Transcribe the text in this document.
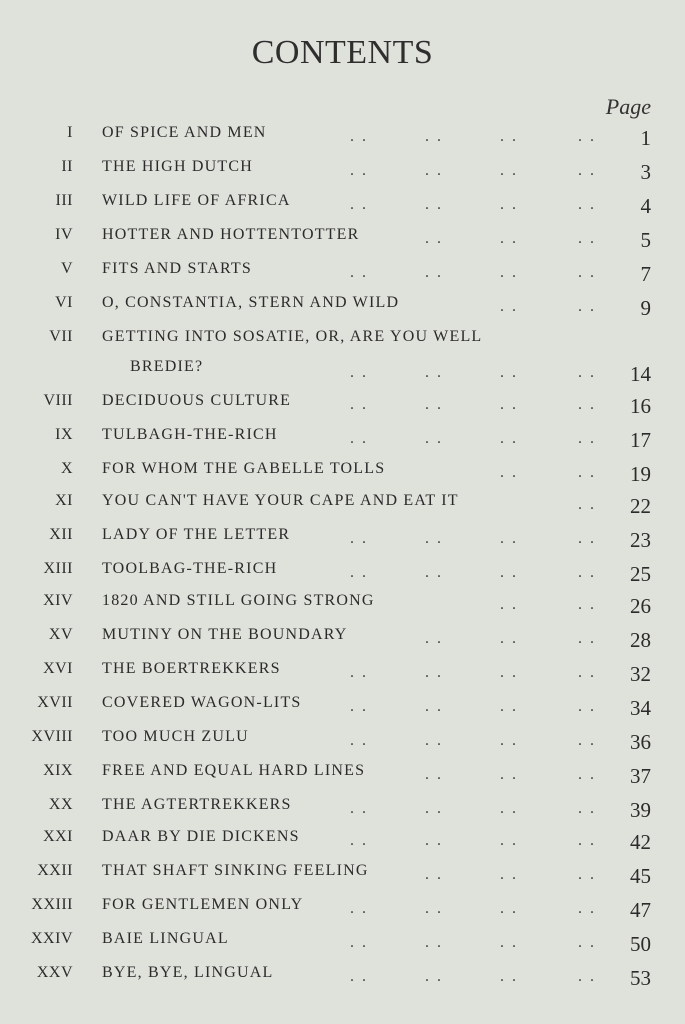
CONTENTS
Page
I OF SPICE AND MEN	. .	. .	. .	. . 1
II THE HIGH DUTCH	. .	. .	. .	. . 3
III WILD LIFE OF AFRICA	. .	. .	. .	. . 4
IV HOTTER AND HOTTENTOTTER	. .	. .	. . 5
V FITS AND STARTS	. .	. .	. .	. . 7
VI O, CONSTANTIA, STERN AND WILD	. .	. . 9
VII GETTING INTO SOSATIE, OR, ARE YOU WELL
BREDIE?	. .	. .	. .	. . 14
VIII DECIDUOUS CULTURE	. .	. .	. .	. . 16
IX TULBAGH-THE-RICH	. .	. .	. .	. . 17
X FOR WHOM THE GABELLE TOLLS	. .	. . 19
XI YOU CAN'T HAVE YOUR CAPE AND EAT IT	. . 22
XII LADY OF THE LETTER	. .	. .	. .	. . 23
XIII TOOLBAG-THE-RICH	. .	. .	. .	. . 25
XIV 1820 AND STILL GOING STRONG	. .	. . 26
XV MUTINY ON THE BOUNDARY	. .	. .	. . 28
XVI THE BOERTREKKERS	. .	. .	. .	. . 32
XVII COVERED WAGON-LITS	. .	. .	. .	. . 34
XVIII TOO MUCH ZULU	. .	. .	. .	. . 36
XIX FREE AND EQUAL HARD LINES	. .	. .	. . 37
XX THE AGTERTREKKERS	. .	. .	. .	. . 39
XXI DAAR BY DIE DICKENS	. .	. .	. .	. . 42
XXII THAT SHAFT SINKING FEELING	. .	. .	. . 45
XXIII FOR GENTLEMEN ONLY	. .	. .	. .	. . 47
XXIV BAIE LINGUAL	. .	. .	. .	. . 50
XXV BYE, BYE, LINGUAL	. .	. .	. .	. . 53
